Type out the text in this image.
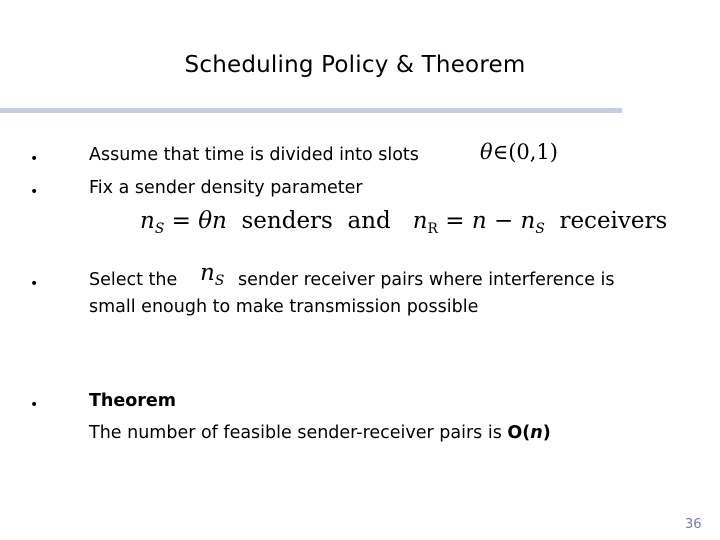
Scheduling Policy & Theorem
•	Assume that time is divided into slots	θ∈(0,1)
•	Fix a sender density parameter
$n_S = \theta n$ senders and $n_R = n - n_S$ receivers
•	Select the $n_S$ sender receiver pairs where interference is
small enough to make transmission possible
•	Theorem
The number of feasible sender-receiver pairs is O(n)
36
